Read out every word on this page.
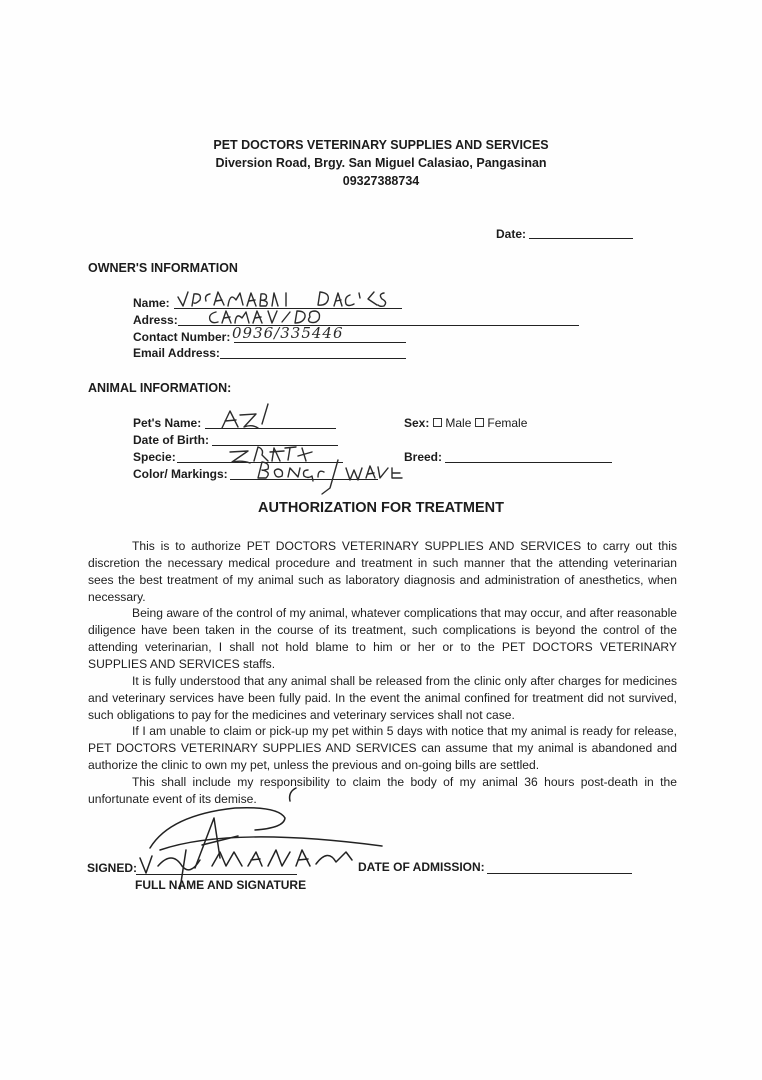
PET DOCTORS VETERINARY SUPPLIES AND SERVICES
Diversion Road, Brgy. San Miguel Calasiao, Pangasinan
09327388734
Date:
OWNER'S INFORMATION
Name:
Adress:
Contact Number: 0936/335446
Email Address:
ANIMAL INFORMATION:
Pet's Name:
Date of Birth:
Specie:
Color/ Markings:
Sex: Male Female
Breed:
AUTHORIZATION FOR TREATMENT
This is to authorize PET DOCTORS VETERINARY SUPPLIES AND SERVICES to carry out this discretion the necessary medical procedure and treatment in such manner that the attending veterinarian sees the best treatment of my animal such as laboratory diagnosis and administration of anesthetics, when necessary.
Being aware of the control of my animal, whatever complications that may occur, and after reasonable diligence have been taken in the course of its treatment, such complications is beyond the control of the attending veterinarian, I shall not hold blame to him or her or to the PET DOCTORS VETERINARY SUPPLIES AND SERVICES staffs.
It is fully understood that any animal shall be released from the clinic only after charges for medicines and veterinary services have been fully paid. In the event the animal confined for treatment did not survived, such obligations to pay for the medicines and veterinary services shall not case.
If I am unable to claim or pick-up my pet within 5 days with notice that my animal is ready for release, PET DOCTORS VETERINARY SUPPLIES AND SERVICES can assume that my animal is abandoned and authorize the clinic to own my pet, unless the previous and on-going bills are settled.
This shall include my responsibility to claim the body of my animal 36 hours post-death in the unfortunate event of its demise.
SIGNED:
FULL NAME AND SIGNATURE
DATE OF ADMISSION:
